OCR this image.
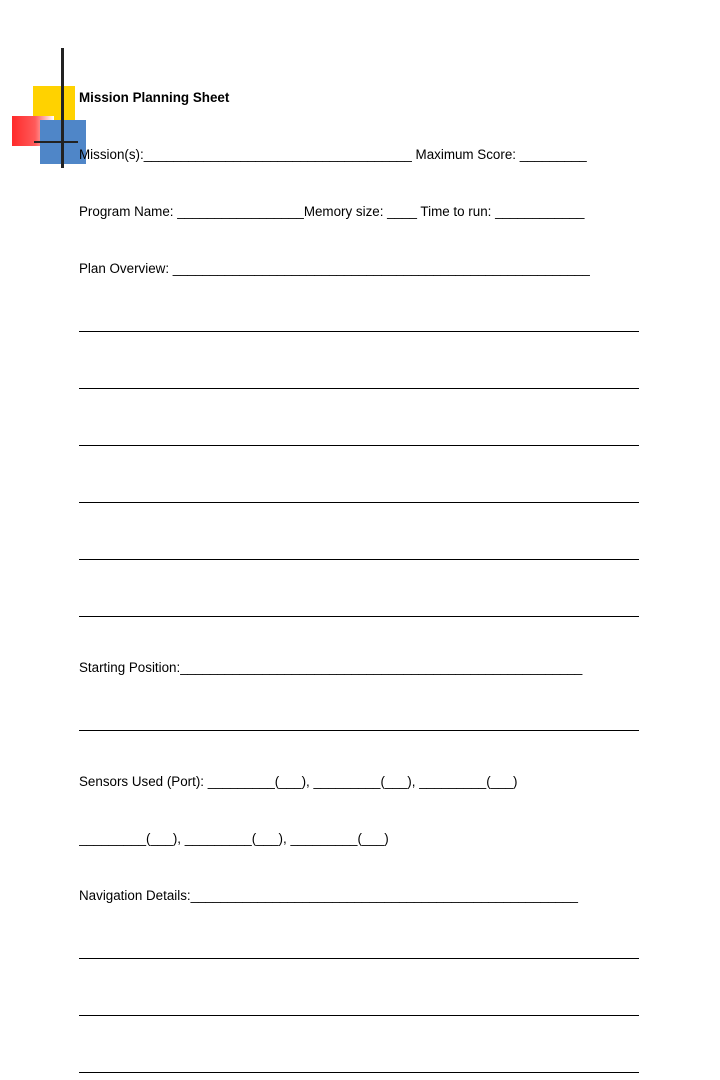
Mission Planning Sheet

Mission(s):____________________________________ Maximum Score: _________

Program Name: _________________Memory size: ____ Time to run: ____________

Plan Overview: ________________________________________________________

Starting Position:______________________________________________________

Sensors Used (Port): _________(___), _________(___), _________(___)

_________(___), _________(___), _________(___)

Navigation Details:____________________________________________________
